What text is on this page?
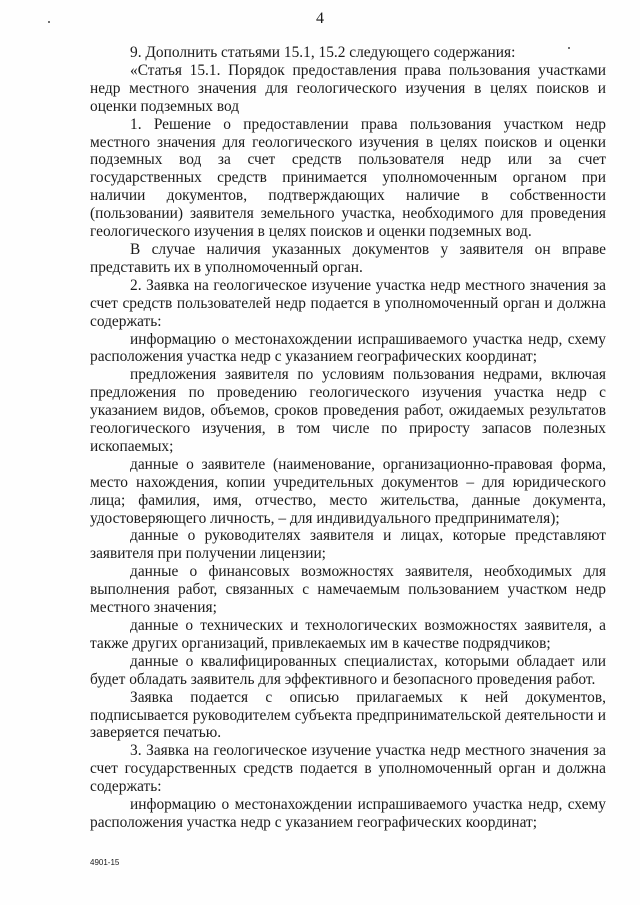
4

9. Дополнить статьями 15.1, 15.2 следующего содержания:

«Статья 15.1. Порядок предоставления права пользования участками недр местного значения для геологического изучения в целях поисков и оценки подземных вод

1. Решение о предоставлении права пользования участком недр местного значения для геологического изучения в целях поисков и оценки подземных вод за счет средств пользователя недр или за счет государственных средств принимается уполномоченным органом при наличии документов, подтверждающих наличие в собственности (пользовании) заявителя земельного участка, необходимого для проведения геологического изучения в целях поисков и оценки подземных вод.

В случае наличия указанных документов у заявителя он вправе представить их в уполномоченный орган.

2. Заявка на геологическое изучение участка недр местного значения за счет средств пользователей недр подается в уполномоченный орган и должна содержать:

информацию о местонахождении испрашиваемого участка недр, схему расположения участка недр с указанием географических координат;

предложения заявителя по условиям пользования недрами, включая предложения по проведению геологического изучения участка недр с указанием видов, объемов, сроков проведения работ, ожидаемых результатов геологического изучения, в том числе по приросту запасов полезных ископаемых;

данные о заявителе (наименование, организационно-правовая форма, место нахождения, копии учредительных документов – для юридического лица; фамилия, имя, отчество, место жительства, данные документа, удостоверяющего личность, – для индивидуального предпринимателя);

данные о руководителях заявителя и лицах, которые представляют заявителя при получении лицензии;

данные о финансовых возможностях заявителя, необходимых для выполнения работ, связанных с намечаемым пользованием участком недр местного значения;

данные о технических и технологических возможностях заявителя, а также других организаций, привлекаемых им в качестве подрядчиков;

данные о квалифицированных специалистах, которыми обладает или будет обладать заявитель для эффективного и безопасного проведения работ.

Заявка подается с описью прилагаемых к ней документов, подписывается руководителем субъекта предпринимательской деятельности и заверяется печатью.

3. Заявка на геологическое изучение участка недр местного значения за счет государственных средств подается в уполномоченный орган и должна содержать:

информацию о местонахождении испрашиваемого участка недр, схему расположения участка недр с указанием географических координат;

4901-15
